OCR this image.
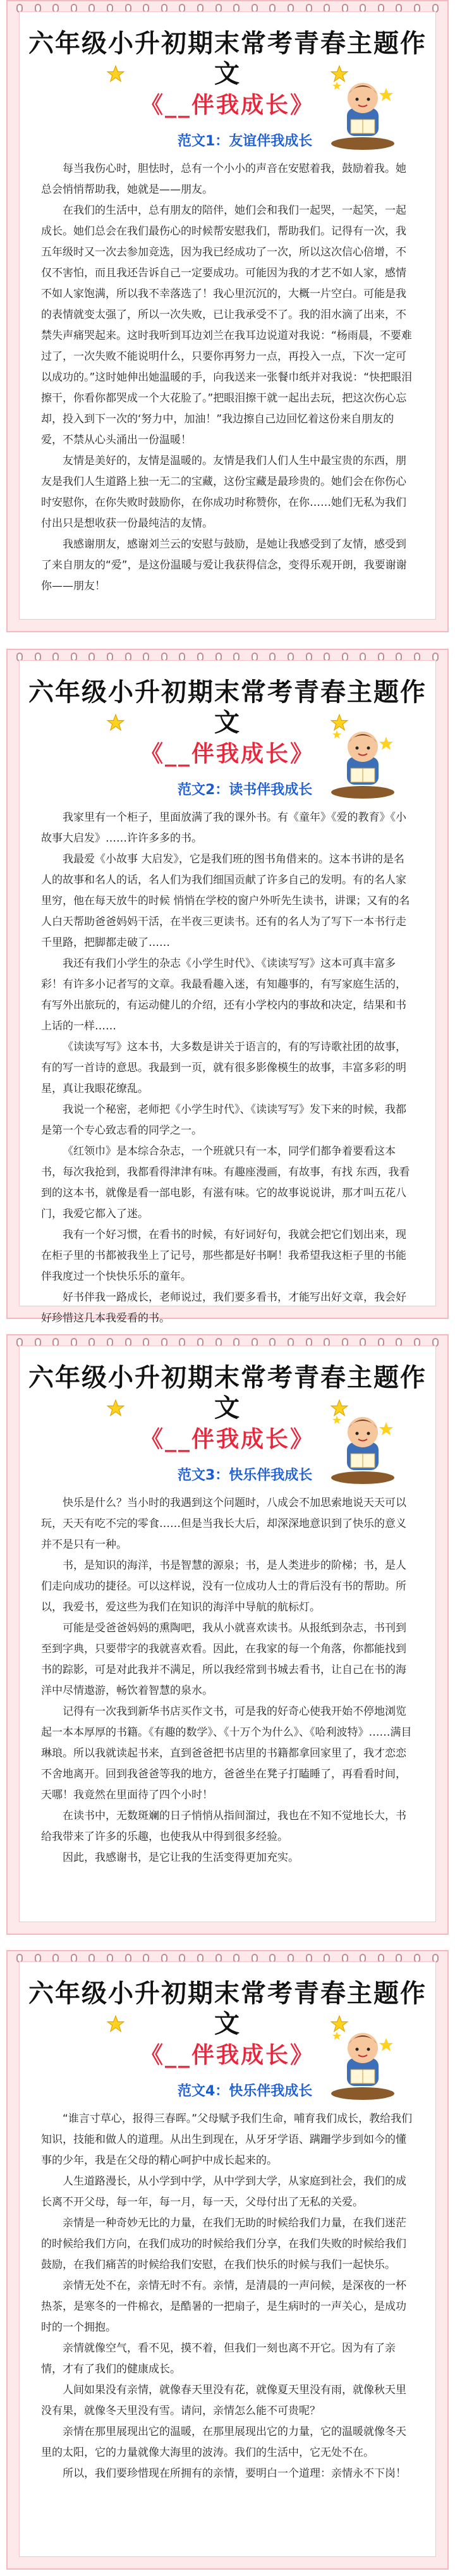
六年级小升初期末常考青春主题作文
《__伴我成长》
范文1：友谊伴我成长

每当我伤心时，胆怯时，总有一个小小的声音在安慰着我，鼓励着我。她总会悄悄帮助我，她就是——朋友。

在我们的生活中，总有朋友的陪伴，她们会和我们一起哭，一起笑，一起成长。她们总会在我们最伤心的时候帮安慰我们，帮助我们。记得有一次，我五年级时又一次去参加竞选，因为我已经成功了一次，所以这次信心倍增，不仅不害怕，而且我还告诉自己一定要成功。可能因为我的才艺不如人家，感情不如人家饱满，所以我不幸落选了！我心里沉沉的，大概一片空白。可能是我的表情就变太强了，所以一次失败，已让我承受不了。我的泪水滴了出来，不禁失声痛哭起来。这时我听到耳边刘兰在我耳边说道对我说：“杨雨晨，不要难过了，一次失败不能说明什么，只要你再努力一点，再投入一点，下次一定可以成功的。”这时她伸出她温暖的手，向我送来一张餐巾纸并对我说：“快把眼泪擦干，你看你都哭成一个大花脸了。”把眼泪擦干就一起出去玩，把这次伤心忘却，投入到下一次的‘努力中，加油！”我边擦自己边回忆着这份来自朋友的爱，不禁从心头涌出一份温暖！

友情是美好的，友情是温暖的。友情是我们人们人生中最宝贵的东西，朋友是我们人生道路上独一无二的宝藏，这份宝藏是最珍贵的。她们会在你伤心时安慰你，在你失败时鼓励你，在你成功时称赞你，在你……她们无私为我们付出只是想收获一份最纯洁的友情。

我感谢朋友，感谢刘兰云的安慰与鼓励，是她让我感受到了友情，感受到了来自朋友的“爱”，是这份温暖与爱让我获得信念，变得乐观开朗，我要谢谢你——朋友！

六年级小升初期末常考青春主题作文
《__伴我成长》
范文2：读书伴我成长

我家里有一个柜子，里面放满了我的课外书。有《童年》《爱的教育》《小故事大启发》……许许多多的书。

我最爱《小故事 大启发》，它是我们班的图书角借来的。这本书讲的是名人的故事和名人的话，名人们为我们细国贡献了许多自己的发明。有的名人家里穷，他在每天放牛的时候 悄悄在学校的窗户外听先生读书，讲课；又有的名人白天帮助爸爸妈妈干活，在半夜三更读书。还有的名人为了写下一本书行走千里路，把脚都走破了……

我还有我们小学生的杂志《小学生时代》、《读读写写》这本可真丰富多彩！有许多小记者写的文章。我最看趣入迷，有知趣事的，有写家庭生活的，有写外出旅玩的，有运动健儿的介绍，还有小学校内的事故和决定，结果和书上话的一样……

《读读写写》这本书，大多数是讲关于语言的，有的写诗歌社团的故事，有的写一首诗的意思。我最到一页，就有很多影像模生的故事，丰富多彩的明星，真让我眼花缭乱。

我说一个秘密，老师把《小学生时代》、《读读写写》发下来的时候，我都是第一个专心致志看的同学之一。

《红领巾》是本综合杂志，一个班就只有一本，同学们都争着要看这本书，每次我抢到，我都看得津津有味。有趣座漫画，有故事，有找 东西，我看到的这本书，就像是看一部电影，有滋有味。它的故事说说讲，那才叫五花八门，我爱它都入了迷。

我有一个好习惯，在看书的时候，有好词好句，我就会把它们划出来，现在柜子里的书都被我坐上了记号，那些都是好书啊！我希望我这柜子里的书能伴我度过一个快快乐乐的童年。

好书伴我一路成长，老师说过，我们要多看书，才能写出好文章，我会好好珍惜这几本我爱看的书。

六年级小升初期末常考青春主题作文
《__伴我成长》
范文3：快乐伴我成长

快乐是什么？当小时的我遇到这个问题时，八成会不加思索地说天天可以玩，天天有吃不完的零食……但是当我长大后，却深深地意识到了快乐的意义并不是只有一种。

书，是知识的海洋，书是智慧的源泉；书，是人类进步的阶梯；书，是人们走向成功的捷径。可以这样说，没有一位成功人士的背后没有书的帮助。所以，我爱书，爱这些为我们在知识的海洋中导航的航标灯。

可能是受爸爸妈妈的熏陶吧，我从小就喜欢读书。从报纸到杂志，书刊到至到字典，只要带字的我就喜欢看。因此，在我家的每一个角落，你都能找到书的踪影，可是对此我并不满足，所以我经常到书城去看书，让自己在书的海洋中尽情遨游，畅饮着智慧的泉水。

记得有一次我到新华书店买作文书，可是我的好奇心使我开始不停地浏览起一本本厚厚的书籍。《有趣的数学》、《十万个为什么》、《哈利波特》……满目琳琅。所以我就读起书来，直到爸爸把书店里的书籍都拿回家里了，我才恋恋不舍地离开。回到我爸爸等我的地方，爸爸坐在凳子打瞌睡了，再看看时间，天哪！我竟然在里面待了四个小时！

在读书中，无数斑斓的日子悄悄从指间溜过，我也在不知不觉地长大，书给我带来了许多的乐趣，也使我从中得到很多经验。

因此，我感谢书，是它让我的生活变得更加充实。

六年级小升初期末常考青春主题作文
《__伴我成长》
范文4：快乐伴我成长

“谁言寸草心，报得三春晖。”父母赋予我们生命，哺育我们成长，教给我们知识，技能和做人的道理。从出生到现在，从牙牙学语、蹒跚学步到如今的懂事的少年，我是在父母的精心呵护中成长起来的。

人生道路漫长，从小学到中学，从中学到大学，从家庭到社会，我们的成长离不开父母，每一年，每一月，每一天，父母付出了无私的关爱。

亲情是一种奇妙无比的力量，在我们无助的时候给我们力量，在我们迷茫的时候给我们方向，在我们成功的时候给我们分享，在我们失败的时候给我们鼓励，在我们痛苦的时候给我们安慰，在我们快乐的时候与我们一起快乐。

亲情无处不在，亲情无时不有。亲情，是清晨的一声问候，是深夜的一杯热茶，是寒冬的一件棉衣，是酷暑的一把扇子，是生病时的一声关心，是成功时的一个拥抱。

亲情就像空气，看不见，摸不着，但我们一刻也离不开它。因为有了亲情，才有了我们的健康成长。

人间如果没有亲情，就像春天里没有花，就像夏天里没有雨，就像秋天里没有果，就像冬天里没有雪。请问，亲情怎么能不可贵呢？

亲情在那里展现出它的温暖，在那里展现出它的力量，它的温暖就像冬天里的太阳，它的力量就像大海里的波涛。我们的生活中，它无处不在。

所以，我们要珍惜现在所拥有的亲情，要明白一个道理：亲情永不下岗！
